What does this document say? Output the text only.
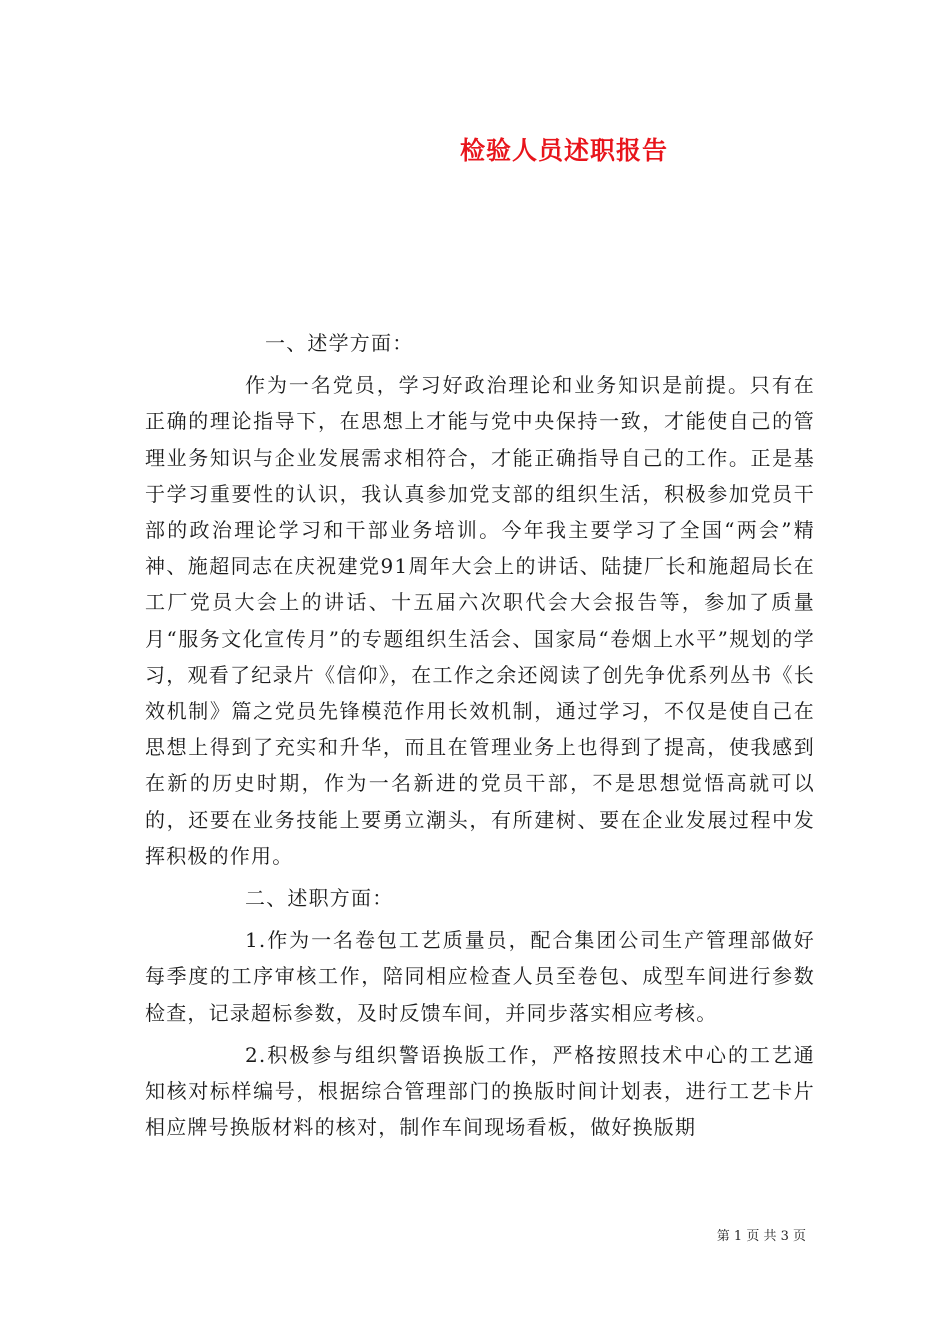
检验人员述职报告

一、述学方面：

作为一名党员，学习好政治理论和业务知识是前提。只有在正确的理论指导下，在思想上才能与党中央保持一致，才能使自己的管理业务知识与企业发展需求相符合，才能正确指导自己的工作。正是基于学习重要性的认识，我认真参加党支部的组织生活，积极参加党员干部的政治理论学习和干部业务培训。今年我主要学习了全国“两会”精神、施超同志在庆祝建党91周年大会上的讲话、陆捷厂长和施超局长在工厂党员大会上的讲话、十五届六次职代会大会报告等，参加了质量月“服务文化宣传月”的专题组织生活会、国家局“卷烟上水平”规划的学习，观看了纪录片《信仰》，在工作之余还阅读了创先争优系列丛书《长效机制》篇之党员先锋模范作用长效机制，通过学习，不仅是使自己在思想上得到了充实和升华，而且在管理业务上也得到了提高，使我感到在新的历史时期，作为一名新进的党员干部，不是思想觉悟高就可以的，还要在业务技能上要勇立潮头，有所建树、要在企业发展过程中发挥积极的作用。

二、述职方面：

1.作为一名卷包工艺质量员，配合集团公司生产管理部做好每季度的工序审核工作，陪同相应检查人员至卷包、成型车间进行参数检查，记录超标参数，及时反馈车间，并同步落实相应考核。

2.积极参与组织警语换版工作，严格按照技术中心的工艺通知核对标样编号，根据综合管理部门的换版时间计划表，进行工艺卡片相应牌号换版材料的核对，制作车间现场看板，做好换版期

第 1 页 共 3 页
